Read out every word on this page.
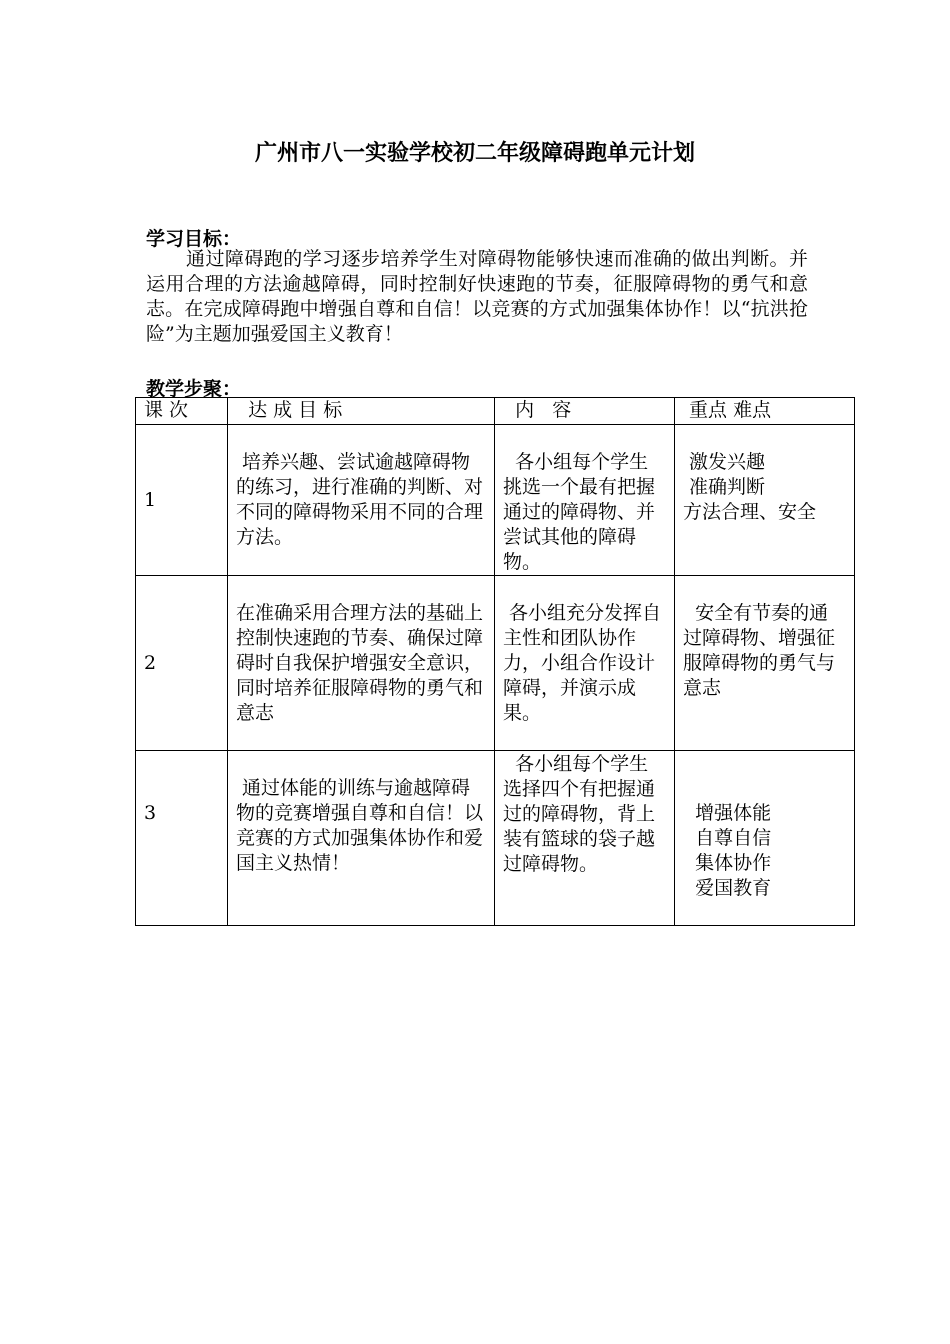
广州市八一实验学校初二年级障碍跑单元计划
学习目标：
通过障碍跑的学习逐步培养学生对障碍物能够快速而准确的做出判断。并运用合理的方法逾越障碍，同时控制好快速跑的节奏，征服障碍物的勇气和意志。在完成障碍跑中增强自尊和自信！以竞赛的方式加强集体协作！以“抗洪抢险”为主题加强爱国主义教育！
教学步聚：
课 次	达 成 目 标	内   容	重点 难点
1	培养兴趣、尝试逾越障碍物的练习，进行准确的判断、对不同的障碍物采用不同的合理方法。	各小组每个学生挑选一个最有把握通过的障碍物、并尝试其他的障碍物。	激发兴趣
准确判断
方法合理、安全
2	在准确采用合理方法的基础上控制快速跑的节奏、确保过障碍时自我保护增强安全意识，同时培养征服障碍物的勇气和意志	各小组充分发挥自主性和团队协作力，小组合作设计障碍，并演示成果。	安全有节奏的通过障碍物、增强征服障碍物的勇气与意志
3	通过体能的训练与逾越障碍物的竞赛增强自尊和自信！以竞赛的方式加强集体协作和爱国主义热情！	各小组每个学生选择四个有把握通过的障碍物，背上装有篮球的袋子越过障碍物。	增强体能
自尊自信
集体协作
爱国教育
